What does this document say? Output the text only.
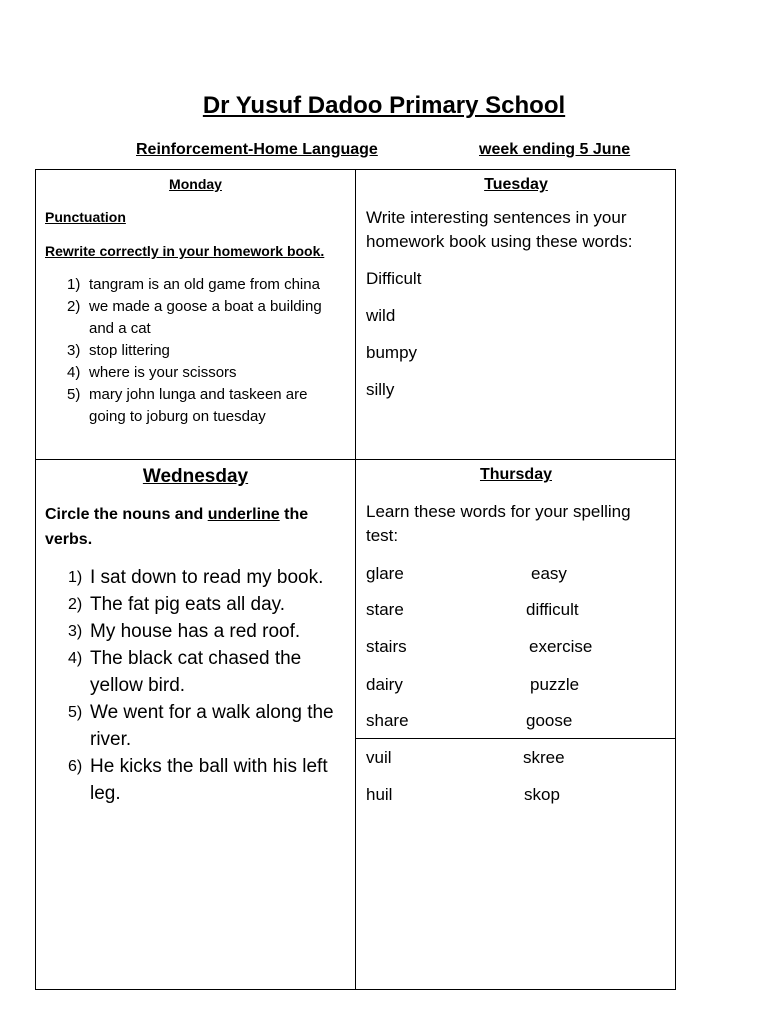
Dr Yusuf Dadoo Primary School
Reinforcement-Home Language	week ending 5 June
Monday
Punctuation
Rewrite correctly in your homework book.
1) tangram is an old game from china
2) we made a goose a boat a building and a cat
3) stop littering
4) where is your scissors
5) mary john lunga and taskeen are going to joburg on tuesday
Tuesday
Write interesting sentences in your homework book using these words:
Difficult
wild
bumpy
silly
Wednesday
Circle the nouns and underline the verbs.
1) I sat down to read my book.
2) The fat pig eats all day.
3) My house has a red roof.
4) The black cat chased the yellow bird.
5) We went for a walk along the river.
6) He kicks the ball with his left leg.
Thursday
Learn these words for your spelling test:
glare	easy
stare	difficult
stairs	exercise
dairy	puzzle
share	goose
vuil	skree
huil	skop
